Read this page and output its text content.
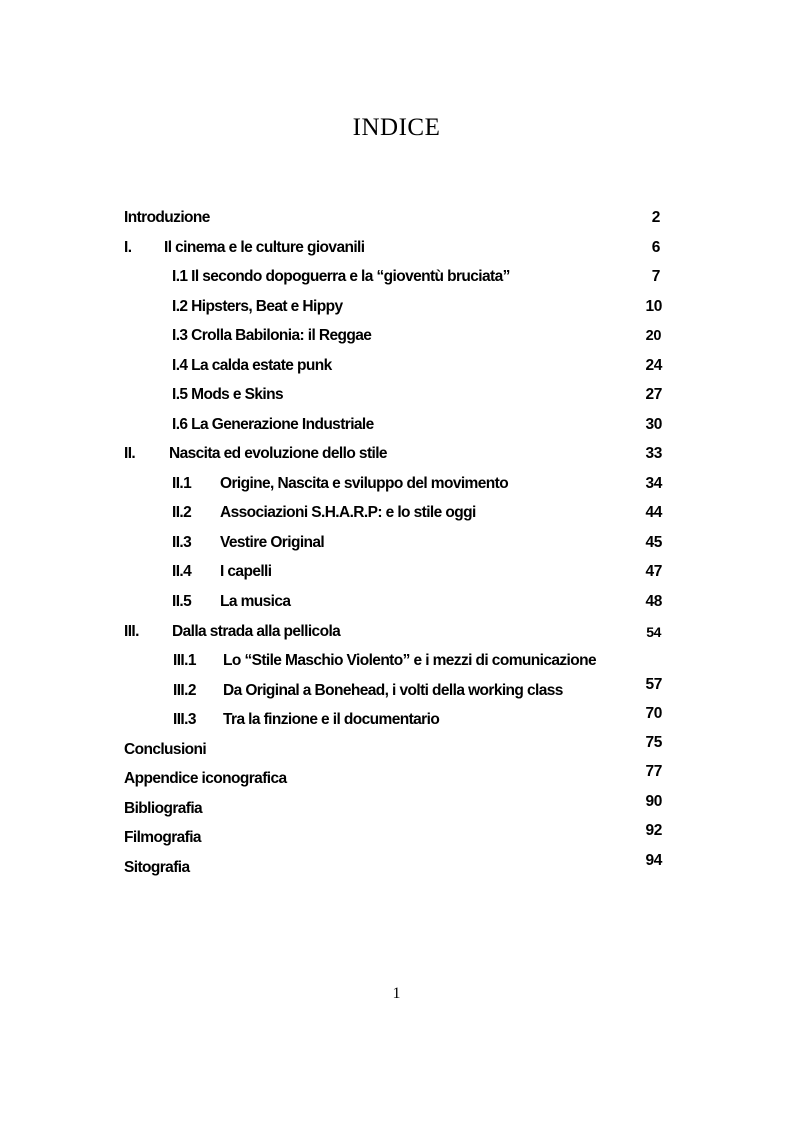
INDICE
Introduzione
I. Il cinema e le culture giovanili
I.1 Il secondo dopoguerra e la “gioventù bruciata”
I.2 Hipsters, Beat e Hippy
I.3 Crolla Babilonia: il Reggae
I.4 La calda estate punk
I.5 Mods e Skins
I.6 La Generazione Industriale
II. Nascita ed evoluzione dello stile
II.1 Origine, Nascita e sviluppo del movimento
II.2 Associazioni S.H.A.R.P: e lo stile oggi
II.3 Vestire Original
II.4 I capelli
II.5 La musica
III. Dalla strada alla pellicola
III.1 Lo “Stile Maschio Violento” e i mezzi di comunicazione
III.2 Da Original a Bonehead, i volti della working class
III.3 Tra la finzione e il documentario
Conclusioni
Appendice iconografica
Bibliografia
Filmografia
Sitografia
2
6
7
10
20
24
27
30
33
34
44
45
47
48
54
57
70
75
77
90
92
94
1
